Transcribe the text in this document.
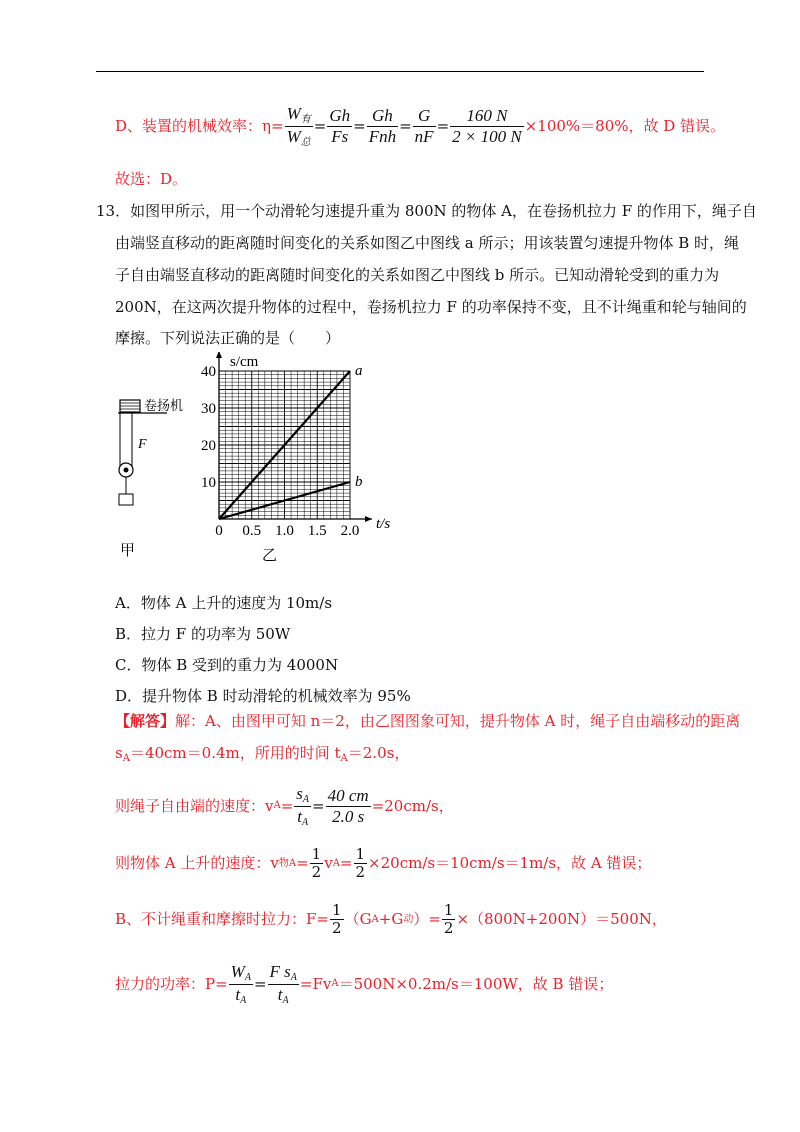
D、装置的机械效率：$\eta= \frac{W_有}{W_总} = \frac{Gh}{Fs} = \frac{Gh}{\text{Fnh}} = \frac{G}{nF} = \frac{160 N}{2 \times 100 N} \times 100\%=80\%$，故 D 错误。
故选：D。
13．如图甲所示，用一个动滑轮匀速提升重为 800N 的物体 A，在卷扬机拉力 F 的作用下，绳子自
由端竖直移动的距离随时间变化的关系如图乙中图线 a 所示；用该装置匀速提升物体 B 时，绳
子自由端竖直移动的距离随时间变化的关系如图乙中图线 b 所示。已知动滑轮受到的重力为
200N，在这两次提升物体的过程中，卷扬机拉力 F 的功率保持不变，且不计绳重和轮与轴间的
摩擦。下列说法正确的是（　　）
卷扬机
F
甲
0 0.5 1.0 1.5 2.0
10
20
30
40	a
b
s/cm
t/s
乙
A．物体 A 上升的速度为 10m/s
B．拉力 F 的功率为 50W
C．物体 B 受到的重力为 4000N
D．提升物体 B 时动滑轮的机械效率为 95%
【解答】解：A、由图甲可知 n＝2，由乙图图象可知，提升物体 A 时，绳子自由端移动的距离
$s_A=40cm=0.4m$，所用的时间 $t_A=2.0s$，
则绳子自由端的速度：v $A = \frac{s_A}{t_A} = \frac{40 cm}{2.0 s} =20cm/s$，
则物体 A 上升的速度：v 物$A = \frac{1}{2}$ v $A = \frac{1}{2} \times 20cm/s=10cm/s=1m/s$，故 A 错误；
B、不计绳重和摩擦时拉力：$F= \frac{1}{2} (G$ A +G 动 ）= $\frac{1}{2} \times(800N+200N)=500N$，
拉力的功率：$P= \frac{W_A}{t_A} = \frac{F s_A}{t_A} =Fv$ A ＝500N×0.2m/s＝100W，故 B 错误；
